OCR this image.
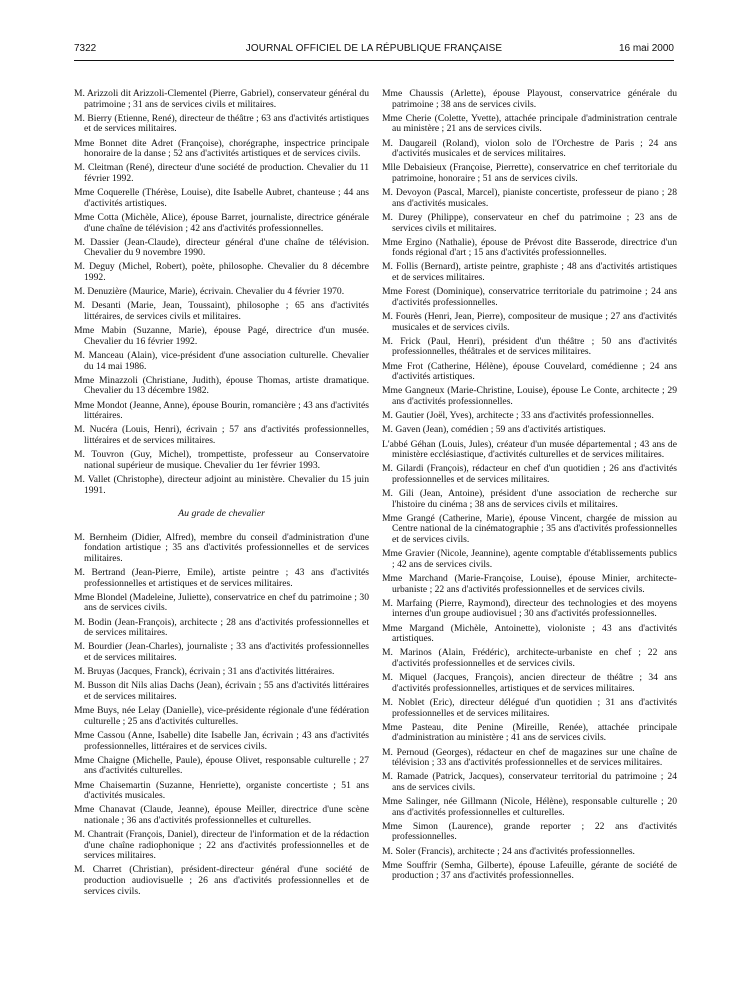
7322	JOURNAL OFFICIEL DE LA RÉPUBLIQUE FRANÇAISE	16 mai 2000

M. Arizzoli dit Arizzoli-Clementel (Pierre, Gabriel), conservateur général du patrimoine ; 31 ans de services civils et militaires.

M. Bierry (Etienne, René), directeur de théâtre ; 63 ans d'activités artistiques et de services militaires.

Mme Bonnet dite Adret (Françoise), chorégraphe, inspectrice principale honoraire de la danse ; 52 ans d'activités artistiques et de services civils.

M. Cleitman (René), directeur d'une société de production. Chevalier du 11 février 1992.

Mme Coquerelle (Thérèse, Louise), dite Isabelle Aubret, chanteuse ; 44 ans d'activités artistiques.

Mme Cotta (Michèle, Alice), épouse Barret, journaliste, directrice générale d'une chaîne de télévision ; 42 ans d'activités professionnelles.

M. Dassier (Jean-Claude), directeur général d'une chaîne de télévision. Chevalier du 9 novembre 1990.

M. Deguy (Michel, Robert), poète, philosophe. Chevalier du 8 décembre 1992.

M. Denuzière (Maurice, Marie), écrivain. Chevalier du 4 février 1970.

M. Desanti (Marie, Jean, Toussaint), philosophe ; 65 ans d'activités littéraires, de services civils et militaires.

Mme Mabin (Suzanne, Marie), épouse Pagé, directrice d'un musée. Chevalier du 16 février 1992.

M. Manceau (Alain), vice-président d'une association culturelle. Chevalier du 14 mai 1986.

Mme Minazzoli (Christiane, Judith), épouse Thomas, artiste dramatique. Chevalier du 13 décembre 1982.

Mme Mondot (Jeanne, Anne), épouse Bourin, romancière ; 43 ans d'activités littéraires.

M. Nucéra (Louis, Henri), écrivain ; 57 ans d'activités professionnelles, littéraires et de services militaires.

M. Touvron (Guy, Michel), trompettiste, professeur au Conservatoire national supérieur de musique. Chevalier du 1er février 1993.

M. Vallet (Christophe), directeur adjoint au ministère. Chevalier du 15 juin 1991.

Au grade de chevalier

M. Bernheim (Didier, Alfred), membre du conseil d'administration d'une fondation artistique ; 35 ans d'activités professionnelles et de services militaires.

M. Bertrand (Jean-Pierre, Emile), artiste peintre ; 43 ans d'activités professionnelles et artistiques et de services militaires.

Mme Blondel (Madeleine, Juliette), conservatrice en chef du patrimoine ; 30 ans de services civils.

M. Bodin (Jean-François), architecte ; 28 ans d'activités professionnelles et de services militaires.

M. Bourdier (Jean-Charles), journaliste ; 33 ans d'activités professionnelles et de services militaires.

M. Bruyas (Jacques, Franck), écrivain ; 31 ans d'activités littéraires.

M. Busson dit Nils alias Dachs (Jean), écrivain ; 55 ans d'activités littéraires et de services militaires.

Mme Buys, née Lelay (Danielle), vice-présidente régionale d'une fédération culturelle ; 25 ans d'activités culturelles.

Mme Cassou (Anne, Isabelle) dite Isabelle Jan, écrivain ; 43 ans d'activités professionnelles, littéraires et de services civils.

Mme Chaigne (Michelle, Paule), épouse Olivet, responsable culturelle ; 27 ans d'activités culturelles.

Mme Chaisemartin (Suzanne, Henriette), organiste concertiste ; 51 ans d'activités musicales.

Mme Chanavat (Claude, Jeanne), épouse Meiller, directrice d'une scène nationale ; 36 ans d'activités professionnelles et culturelles.

M. Chantrait (François, Daniel), directeur de l'information et de la rédaction d'une chaîne radiophonique ; 22 ans d'activités professionnelles et de services militaires.

M. Charret (Christian), président-directeur général d'une société de production audiovisuelle ; 26 ans d'activités professionnelles et de services civils.

Mme Chaussis (Arlette), épouse Playoust, conservatrice générale du patrimoine ; 38 ans de services civils.

Mme Cherie (Colette, Yvette), attachée principale d'administration centrale au ministère ; 21 ans de services civils.

M. Daugareil (Roland), violon solo de l'Orchestre de Paris ; 24 ans d'activités musicales et de services militaires.

Mlle Debaisieux (Françoise, Pierrette), conservatrice en chef territoriale du patrimoine, honoraire ; 51 ans de services civils.

M. Devoyon (Pascal, Marcel), pianiste concertiste, professeur de piano ; 28 ans d'activités musicales.

M. Durey (Philippe), conservateur en chef du patrimoine ; 23 ans de services civils et militaires.

Mme Ergino (Nathalie), épouse de Prévost dite Basserode, directrice d'un fonds régional d'art ; 15 ans d'activités professionnelles.

M. Follis (Bernard), artiste peintre, graphiste ; 48 ans d'activités artistiques et de services militaires.

Mme Forest (Dominique), conservatrice territoriale du patrimoine ; 24 ans d'activités professionnelles.

M. Fourès (Henri, Jean, Pierre), compositeur de musique ; 27 ans d'activités musicales et de services civils.

M. Frick (Paul, Henri), président d'un théâtre ; 50 ans d'activités professionnelles, théâtrales et de services militaires.

Mme Frot (Catherine, Hélène), épouse Couvelard, comédienne ; 24 ans d'activités artistiques.

Mme Gangneux (Marie-Christine, Louise), épouse Le Conte, architecte ; 29 ans d'activités professionnelles.

M. Gautier (Joël, Yves), architecte ; 33 ans d'activités professionnelles.

M. Gaven (Jean), comédien ; 59 ans d'activités artistiques.

L'abbé Géhan (Louis, Jules), créateur d'un musée départemental ; 43 ans de ministère ecclésiastique, d'activités culturelles et de services militaires.

M. Gilardi (François), rédacteur en chef d'un quotidien ; 26 ans d'activités professionnelles et de services militaires.

M. Gili (Jean, Antoine), président d'une association de recherche sur l'histoire du cinéma ; 38 ans de services civils et militaires.

Mme Grangé (Catherine, Marie), épouse Vincent, chargée de mission au Centre national de la cinématographie ; 35 ans d'activités professionnelles et de services civils.

Mme Gravier (Nicole, Jeannine), agente comptable d'établissements publics ; 42 ans de services civils.

Mme Marchand (Marie-Françoise, Louise), épouse Minier, architecte-urbaniste ; 22 ans d'activités professionnelles et de services civils.

M. Marfaing (Pierre, Raymond), directeur des technologies et des moyens internes d'un groupe audiovisuel ; 30 ans d'activités professionnelles.

Mme Margand (Michèle, Antoinette), violoniste ; 43 ans d'activités artistiques.

M. Marinos (Alain, Frédéric), architecte-urbaniste en chef ; 22 ans d'activités professionnelles et de services civils.

M. Miquel (Jacques, François), ancien directeur de théâtre ; 34 ans d'activités professionnelles, artistiques et de services militaires.

M. Noblet (Eric), directeur délégué d'un quotidien ; 31 ans d'activités professionnelles et de services militaires.

Mme Pasteau, dite Penine (Mireille, Renée), attachée principale d'administration au ministère ; 41 ans de services civils.

M. Pernoud (Georges), rédacteur en chef de magazines sur une chaîne de télévision ; 33 ans d'activités professionnelles et de services militaires.

M. Ramade (Patrick, Jacques), conservateur territorial du patrimoine ; 24 ans de services civils.

Mme Salinger, née Gillmann (Nicole, Hélène), responsable culturelle ; 20 ans d'activités professionnelles et culturelles.

Mme Simon (Laurence), grande reporter ; 22 ans d'activités professionnelles.

M. Soler (Francis), architecte ; 24 ans d'activités professionnelles.

Mme Souffrir (Semha, Gilberte), épouse Lafeuille, gérante de société de production ; 37 ans d'activités professionnelles.
